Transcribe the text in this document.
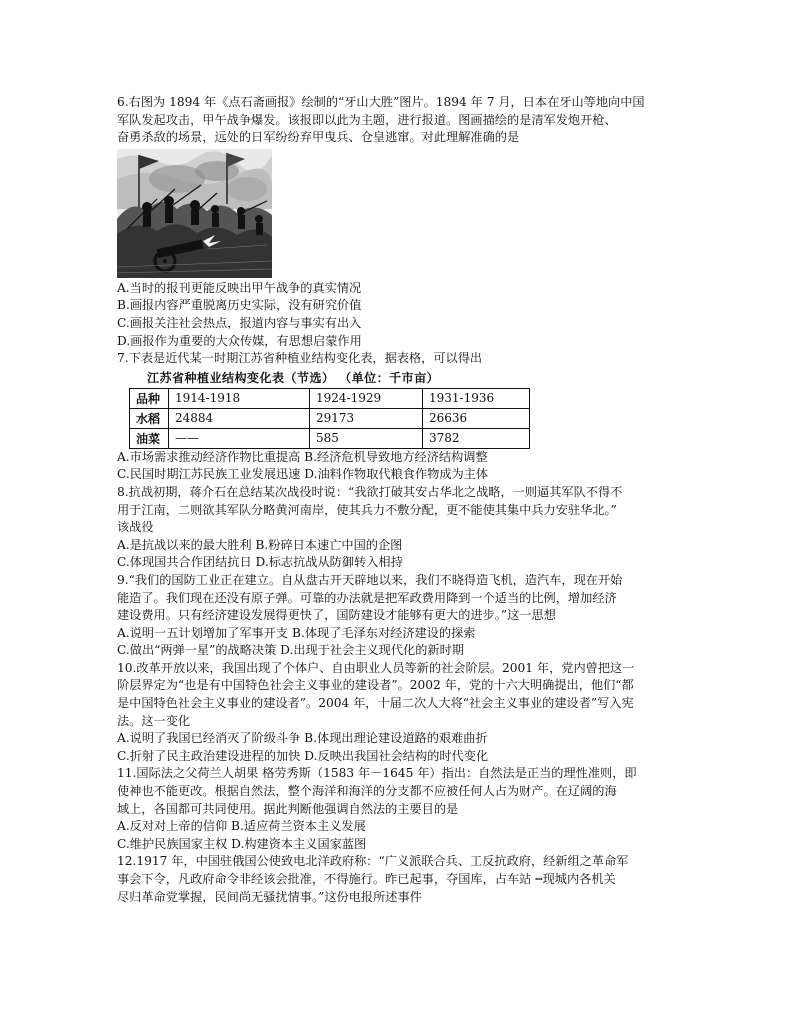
6.右图为 1894 年《点石斋画报》绘制的“牙山大胜”图片。1894 年 7 月，日本在牙山等地向中国
军队发起攻击，甲午战争爆发。该报即以此为主题，进行报道。图画描绘的是清军发炮开枪、
奋勇杀敌的场景，远处的日军纷纷弃甲曳兵、仓皇逃窜。对此理解准确的是
A.当时的报刊更能反映出甲午战争的真实情况
B.画报内容严重脱离历史实际，没有研究价值
C.画报关注社会热点，报道内容与事实有出入
D.画报作为重要的大众传媒，有思想启蒙作用
7.下表是近代某一时期江苏省种植业结构变化表，据表格，可以得出
江苏省种植业结构变化表（节选） （单位：千市亩）
品种	1914-1918	1924-1929	1931-1936
水稻	24884	29173	26636
油菜	——	585	3782
A.市场需求推动经济作物比重提高 B.经济危机导致地方经济结构调整
C.民国时期江苏民族工业发展迅速 D.油料作物取代粮食作物成为主体
8.抗战初期，蒋介石在总结某次战役时说：“我欲打破其安占华北之战略，一则逼其军队不得不
用于江南，二则欲其军队分略黄河南岸，使其兵力不敷分配，更不能使其集中兵力安驻华北。”
该战役
A.是抗战以来的最大胜利 B.粉碎日本速亡中国的企图
C.体现国共合作团结抗日 D.标志抗战从防御转入相持
9.“我们的国防工业正在建立。自从盘古开天辟地以来，我们不晓得造飞机，造汽车，现在开始
能造了。我们现在还没有原子弹。可靠的办法就是把军政费用降到一个适当的比例，增加经济
建设费用。只有经济建设发展得更快了，国防建设才能够有更大的进步。”这一思想
A.说明一五计划增加了军事开支 B.体现了毛泽东对经济建设的探索
C.做出“两弹一星”的战略决策 D.出现于社会主义现代化的新时期
10.改革开放以来，我国出现了个体户、自由职业人员等新的社会阶层。2001 年，党内曾把这一
阶层界定为“也是有中国特色社会主义事业的建设者”。2002 年，党的十六大明确提出，他们“都
是中国特色社会主义事业的建设者”。2004 年，十届二次人大将“社会主义事业的建设者”写入宪
法。这一变化
A.说明了我国已经消灭了阶级斗争 B.体现出理论建设道路的艰难曲折
C.折射了民主政治建设进程的加快 D.反映出我国社会结构的时代变化
11.国际法之父荷兰人胡果 格劳秀斯（1583 年－1645 年）指出：自然法是正当的理性准则，即
使神也不能更改。根据自然法，整个海洋和海洋的分支都不应被任何人占为财产。在辽阔的海
域上，各国都可共同使用。据此判断他强调自然法的主要目的是
A.反对对上帝的信仰 B.适应荷兰资本主义发展
C.维护民族国家主权 D.构建资本主义国家蓝图
12.1917 年，中国驻俄国公使致电北洋政府称：“广义派联合兵、工反抗政府，经新组之革命军
事会下令，凡政府命令非经该会批准，不得施行。昨已起事，夺国库，占车站 ┉现城内各机关
尽归革命党掌握，民间尚无骚扰情事。”这份电报所述事件
